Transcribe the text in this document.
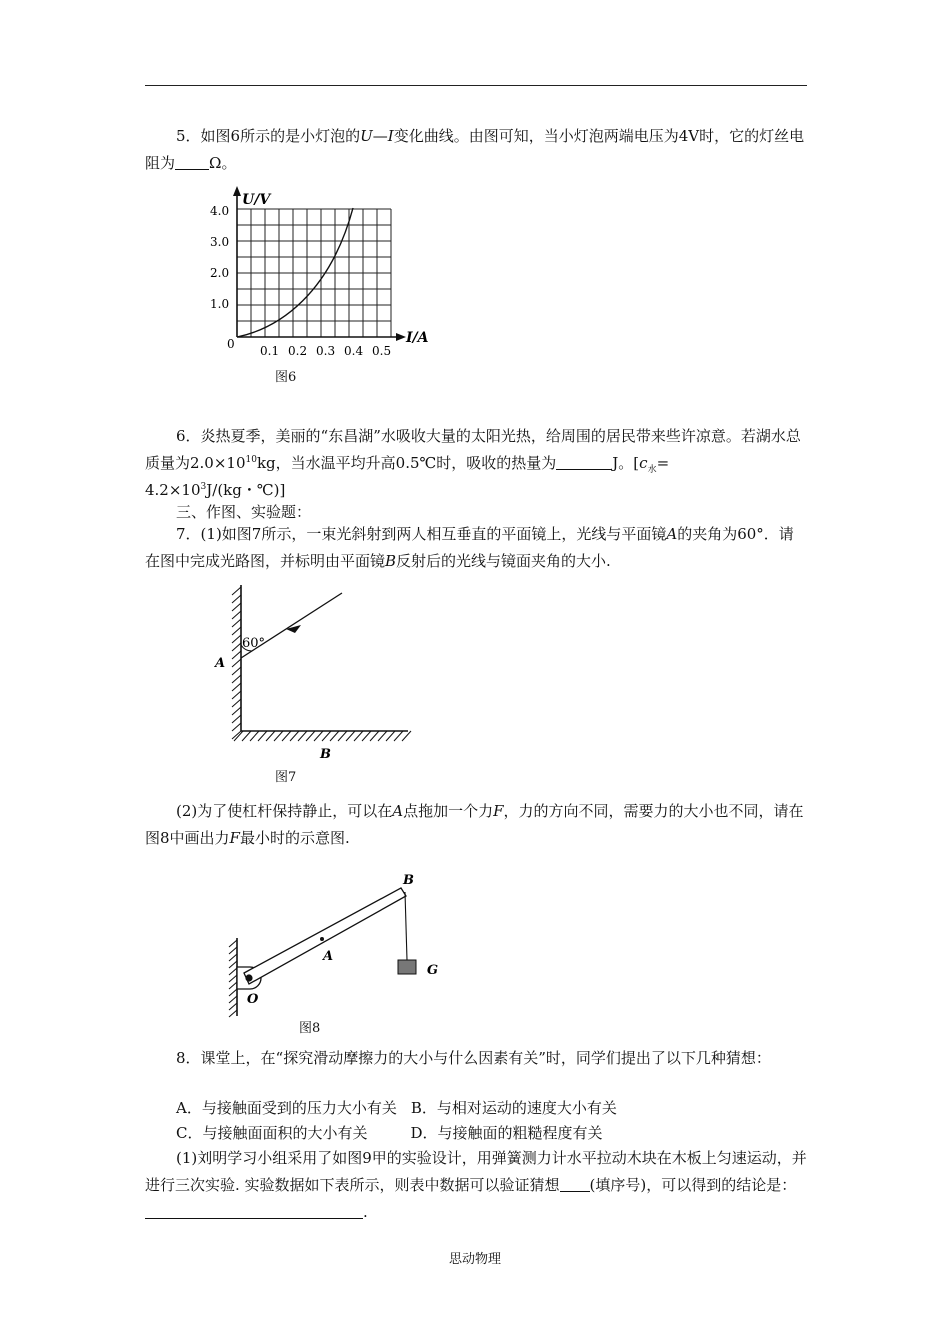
5．如图6所示的是小灯泡的U—I变化曲线。由图可知，当小灯泡两端电压为4V时，它的灯丝电阻为 Ω。

U/V
I/A
0
4.0
3.0
2.0
1.0
0.1 0.2 0.3 0.4 0.5
图6

6．炎热夏季，美丽的“东昌湖”水吸收大量的太阳光热，给周围的居民带来些许凉意。若湖水总质量为$2.0\times 10^{10}kg$，当水温平均升高0.5℃时，吸收的热量为	J。[$c_水=$
$4.2\times 10^3J/(kg$・℃)]

三、作图、实验题：

7．(1)如图7所示，一束光斜射到两人相互垂直的平面镜上，光线与平面镜A的夹角为60°．请在图中完成光路图，并标明由平面镜B反射后的光线与镜面夹角的大小.

60°
A
B
图7

(2)为了使杠杆保持静止，可以在A点拖加一个力F，力的方向不同，需要力的大小也不同，请在图8中画出力F最小时的示意图.

B
A
O
G
图8

8．课堂上，在“探究滑动摩擦力的大小与什么因素有关”时，同学们提出了以下几种猜想：

A．与接触面受到的压力大小有关 B．与相对运动的速度大小有关

C．与接触面面积的大小有关	D．与接触面的粗糙程度有关

(1)刘明学习小组采用了如图9甲的实验设计，用弹簧测力计水平拉动木块在木板上匀速运动，并进行三次实验. 实验数据如下表所示，则表中数据可以验证猜想 (填序号)，可以得到的结论是：.

思动物理
